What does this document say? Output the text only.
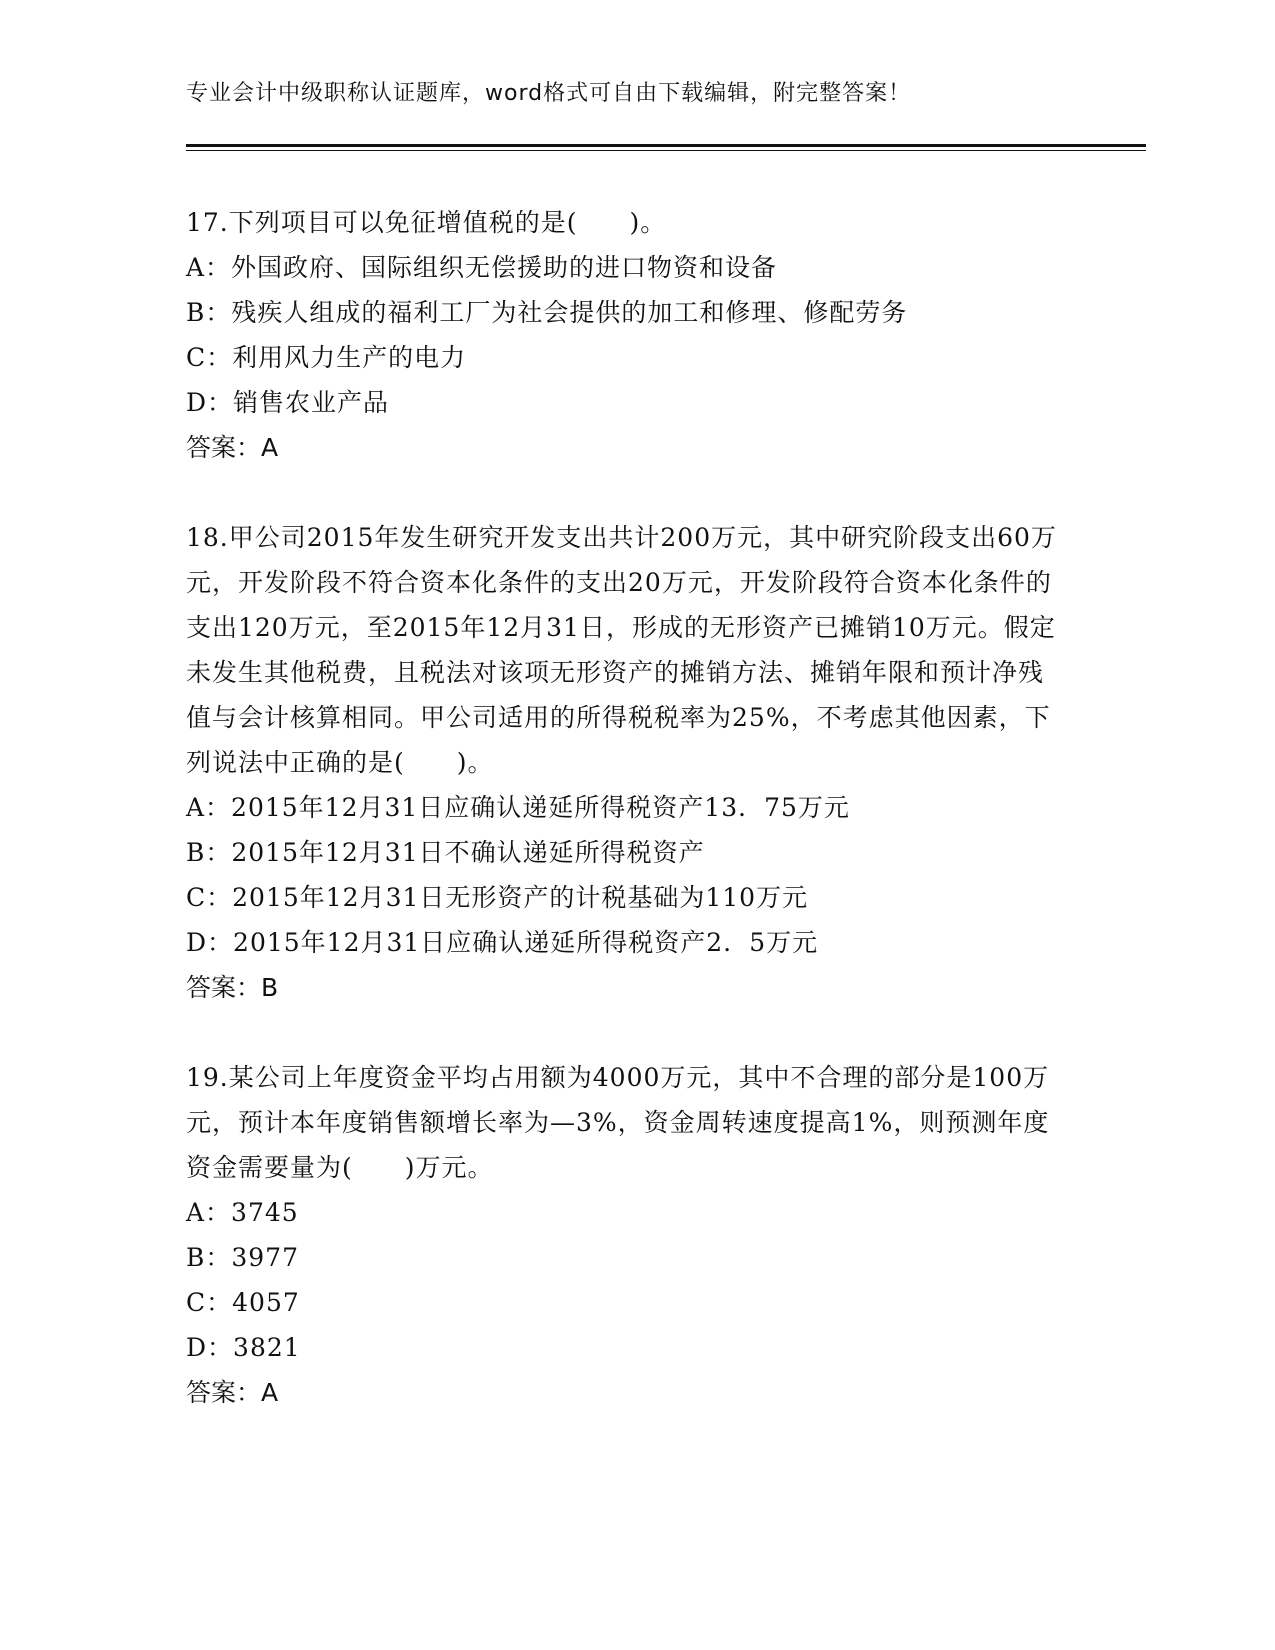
专业会计中级职称认证题库，word格式可自由下载编辑，附完整答案！

17.下列项目可以免征增值税的是(　　)。

A：外国政府、国际组织无偿援助的进口物资和设备

B：残疾人组成的福利工厂为社会提供的加工和修理、修配劳务

C：利用风力生产的电力

D：销售农业产品

答案：A

18.甲公司2015年发生研究开发支出共计200万元，其中研究阶段支出60万元，开发阶段不符合资本化条件的支出20万元，开发阶段符合资本化条件的支出120万元，至2015年12月31日，形成的无形资产已摊销10万元。假定未发生其他税费，且税法对该项无形资产的摊销方法、摊销年限和预计净残值与会计核算相同。甲公司适用的所得税税率为25%，不考虑其他因素，下列说法中正确的是(　　)。

A：2015年12月31日应确认递延所得税资产13．75万元

B：2015年12月31日不确认递延所得税资产

C：2015年12月31日无形资产的计税基础为110万元

D：2015年12月31日应确认递延所得税资产2．5万元

答案：B

19.某公司上年度资金平均占用额为4000万元，其中不合理的部分是100万元，预计本年度销售额增长率为—3%，资金周转速度提高1%，则预测年度资金需要量为(　　)万元。

A：3745

B：3977

C：4057

D：3821

答案：A
